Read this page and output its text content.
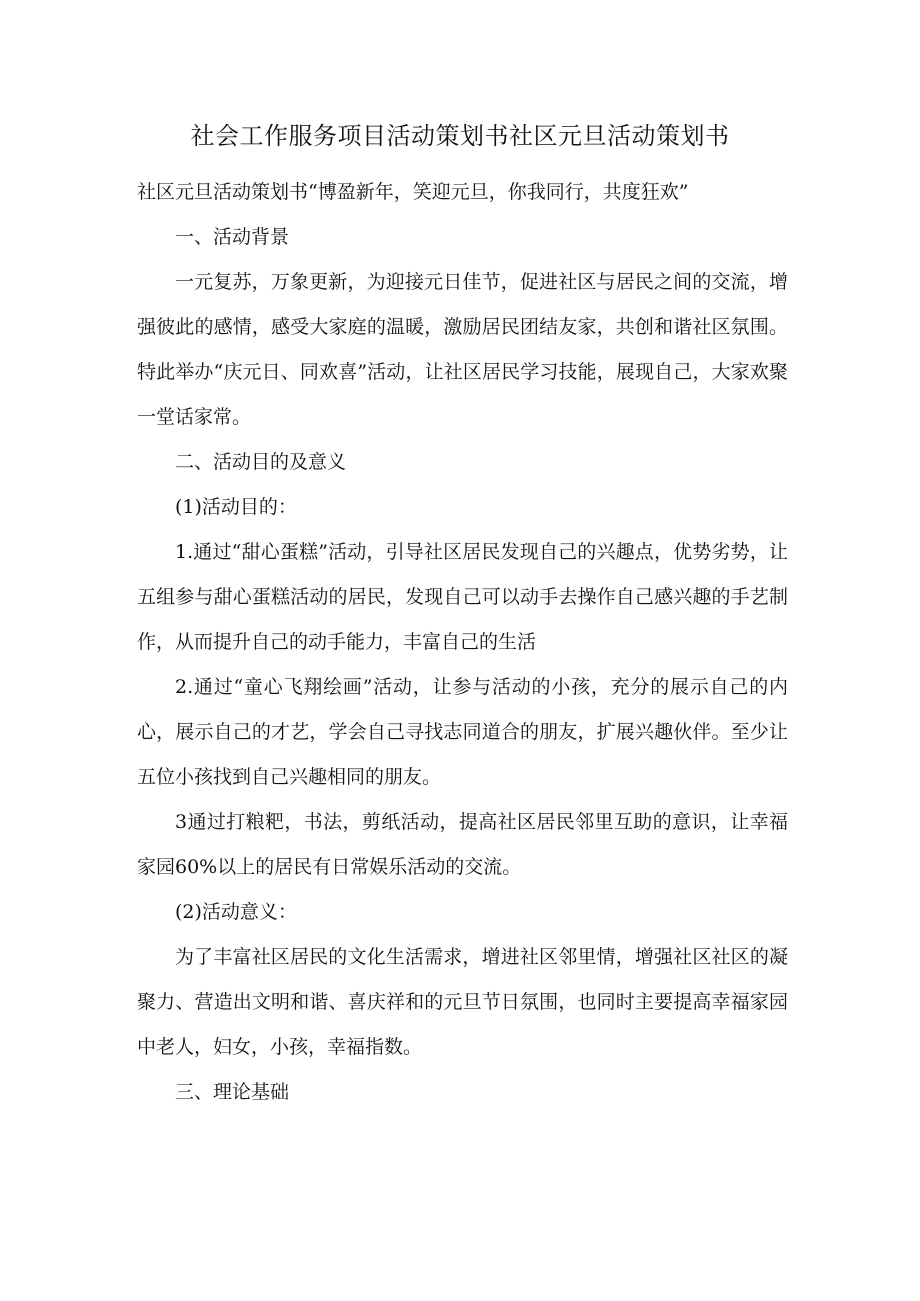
社会工作服务项目活动策划书社区元旦活动策划书

社区元旦活动策划书“博盈新年，笑迎元旦，你我同行，共度狂欢”

一、活动背景

一元复苏，万象更新，为迎接元日佳节，促进社区与居民之间的交流，增强彼此的感情，感受大家庭的温暖，激励居民团结友家，共创和谐社区氛围。特此举办“庆元日、同欢喜”活动，让社区居民学习技能，展现自己，大家欢聚一堂话家常。

二、活动目的及意义

(1)活动目的：

1.通过“甜心蛋糕”活动，引导社区居民发现自己的兴趣点，优势劣势，让五组参与甜心蛋糕活动的居民，发现自己可以动手去操作自己感兴趣的手艺制作，从而提升自己的动手能力，丰富自己的生活

2.通过“童心飞翔绘画”活动，让参与活动的小孩，充分的展示自己的内心，展示自己的才艺，学会自己寻找志同道合的朋友，扩展兴趣伙伴。至少让五位小孩找到自己兴趣相同的朋友。

3通过打粮粑，书法，剪纸活动，提高社区居民邻里互助的意识，让幸福家园60%以上的居民有日常娱乐活动的交流。

(2)活动意义：

为了丰富社区居民的文化生活需求，增进社区邻里情，增强社区社区的凝聚力、营造出文明和谐、喜庆祥和的元旦节日氛围，也同时主要提高幸福家园中老人，妇女，小孩，幸福指数。

三、理论基础
